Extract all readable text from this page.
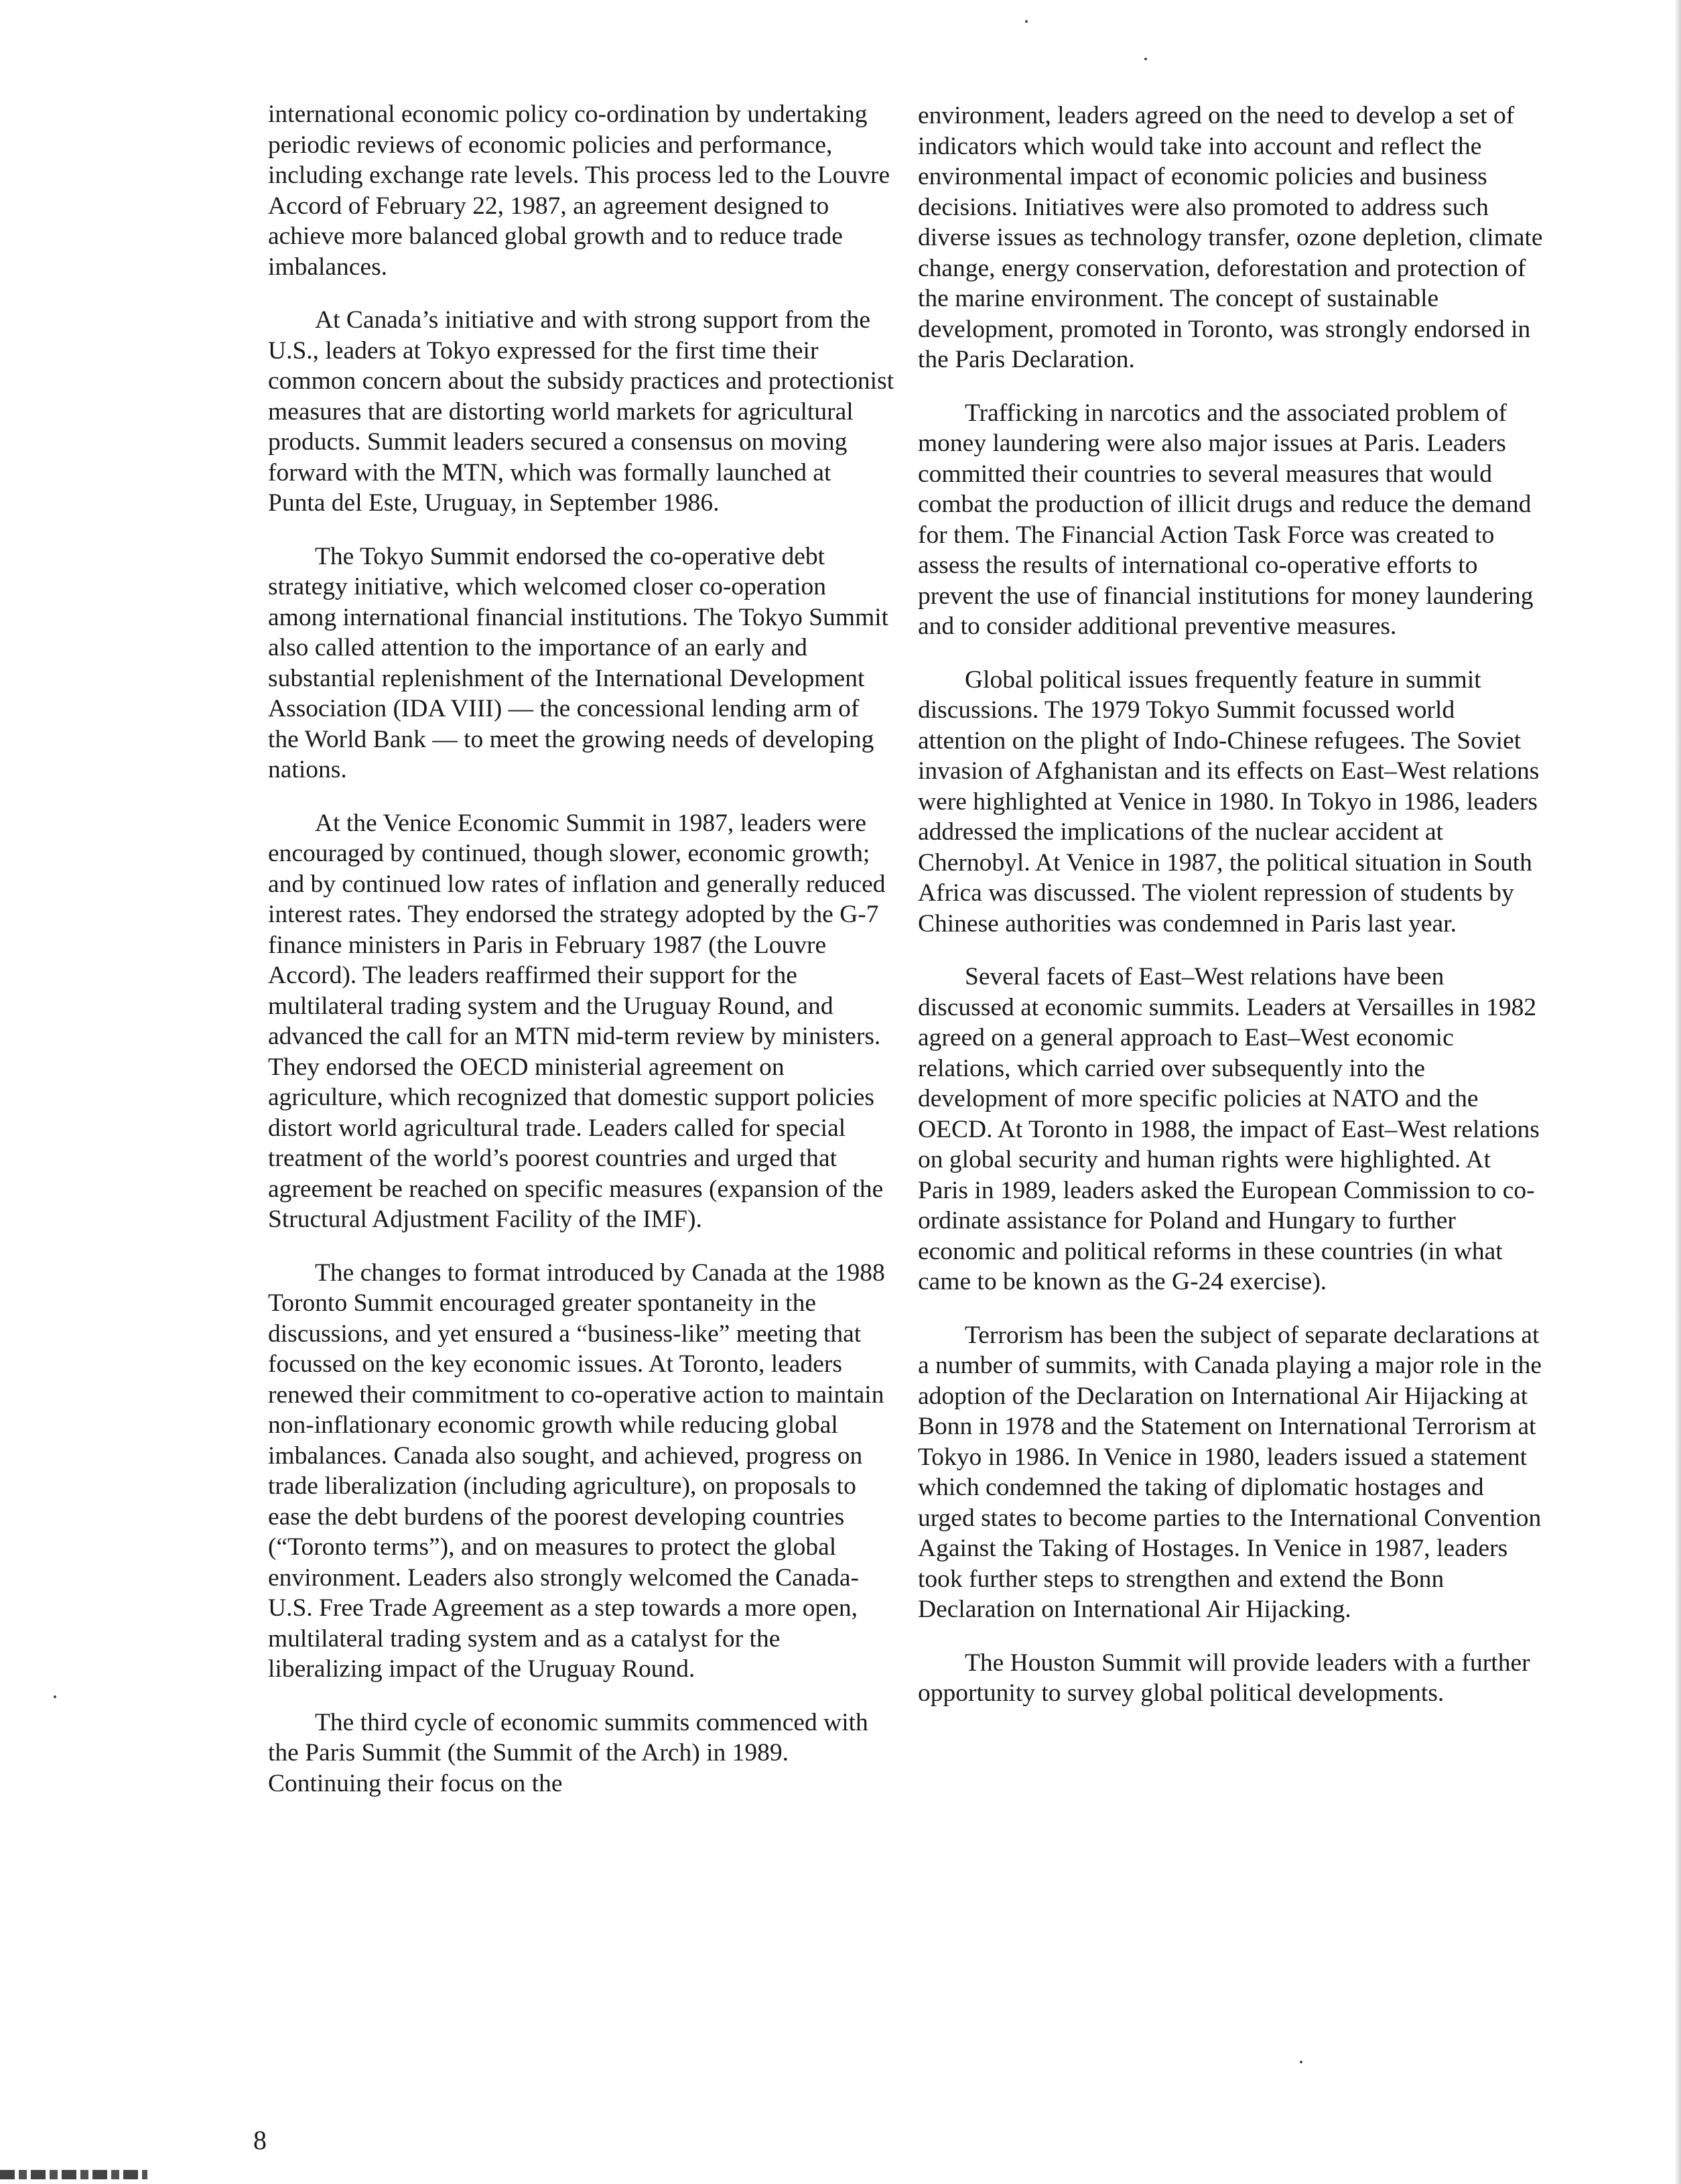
international economic policy co-ordination by undertaking periodic reviews of economic policies and performance, including exchange rate levels. This process led to the Louvre Accord of February 22, 1987, an agreement designed to achieve more balanced global growth and to reduce trade imbalances.

At Canada’s initiative and with strong support from the U.S., leaders at Tokyo expressed for the first time their common concern about the subsidy practices and protectionist measures that are distorting world markets for agricultural products. Summit leaders secured a consensus on moving forward with the MTN, which was formally launched at Punta del Este, Uruguay, in September 1986.

The Tokyo Summit endorsed the co-operative debt strategy initiative, which welcomed closer co-operation among international financial institutions. The Tokyo Summit also called attention to the importance of an early and substantial replenishment of the International Development Association (IDA VIII) — the concessional lending arm of the World Bank — to meet the growing needs of developing nations.

At the Venice Economic Summit in 1987, leaders were encouraged by continued, though slower, economic growth; and by continued low rates of inflation and generally reduced interest rates. They endorsed the strategy adopted by the G-7 finance ministers in Paris in February 1987 (the Louvre Accord). The leaders reaffirmed their support for the multilateral trading system and the Uruguay Round, and advanced the call for an MTN mid-term review by ministers. They endorsed the OECD ministerial agreement on agriculture, which recognized that domestic support policies distort world agricultural trade. Leaders called for special treatment of the world’s poorest countries and urged that agreement be reached on specific measures (expansion of the Structural Adjustment Facility of the IMF).

The changes to format introduced by Canada at the 1988 Toronto Summit encouraged greater spontaneity in the discussions, and yet ensured a “business-like” meeting that focussed on the key economic issues. At Toronto, leaders renewed their commitment to co-operative action to maintain non-inflationary economic growth while reducing global imbalances. Canada also sought, and achieved, progress on trade liberalization (including agriculture), on proposals to ease the debt burdens of the poorest developing countries (“Toronto terms”), and on measures to protect the global environment. Leaders also strongly welcomed the Canada-U.S. Free Trade Agreement as a step towards a more open, multilateral trading system and as a catalyst for the liberalizing impact of the Uruguay Round.

The third cycle of economic summits commenced with the Paris Summit (the Summit of the Arch) in 1989. Continuing their focus on the

environment, leaders agreed on the need to develop a set of indicators which would take into account and reflect the environmental impact of economic policies and business decisions. Initiatives were also promoted to address such diverse issues as technology transfer, ozone depletion, climate change, energy conservation, deforestation and protection of the marine environment. The concept of sustainable development, promoted in Toronto, was strongly endorsed in the Paris Declaration.

Trafficking in narcotics and the associated problem of money laundering were also major issues at Paris. Leaders committed their countries to several measures that would combat the production of illicit drugs and reduce the demand for them. The Financial Action Task Force was created to assess the results of international co-operative efforts to prevent the use of financial institutions for money laundering and to consider additional preventive measures.

Global political issues frequently feature in summit discussions. The 1979 Tokyo Summit focussed world attention on the plight of Indo-Chinese refugees. The Soviet invasion of Afghanistan and its effects on East–West relations were highlighted at Venice in 1980. In Tokyo in 1986, leaders addressed the implications of the nuclear accident at Chernobyl. At Venice in 1987, the political situation in South Africa was discussed. The violent repression of students by Chinese authorities was condemned in Paris last year.

Several facets of East–West relations have been discussed at economic summits. Leaders at Versailles in 1982 agreed on a general approach to East–West economic relations, which carried over subsequently into the development of more specific policies at NATO and the OECD. At Toronto in 1988, the impact of East–West relations on global security and human rights were highlighted. At Paris in 1989, leaders asked the European Commission to co-ordinate assistance for Poland and Hungary to further economic and political reforms in these countries (in what came to be known as the G-24 exercise).

Terrorism has been the subject of separate declarations at a number of summits, with Canada playing a major role in the adoption of the Declaration on International Air Hijacking at Bonn in 1978 and the Statement on International Terrorism at Tokyo in 1986. In Venice in 1980, leaders issued a statement which condemned the taking of diplomatic hostages and urged states to become parties to the International Convention Against the Taking of Hostages. In Venice in 1987, leaders took further steps to strengthen and extend the Bonn Declaration on International Air Hijacking.

The Houston Summit will provide leaders with a further opportunity to survey global political developments.

8
